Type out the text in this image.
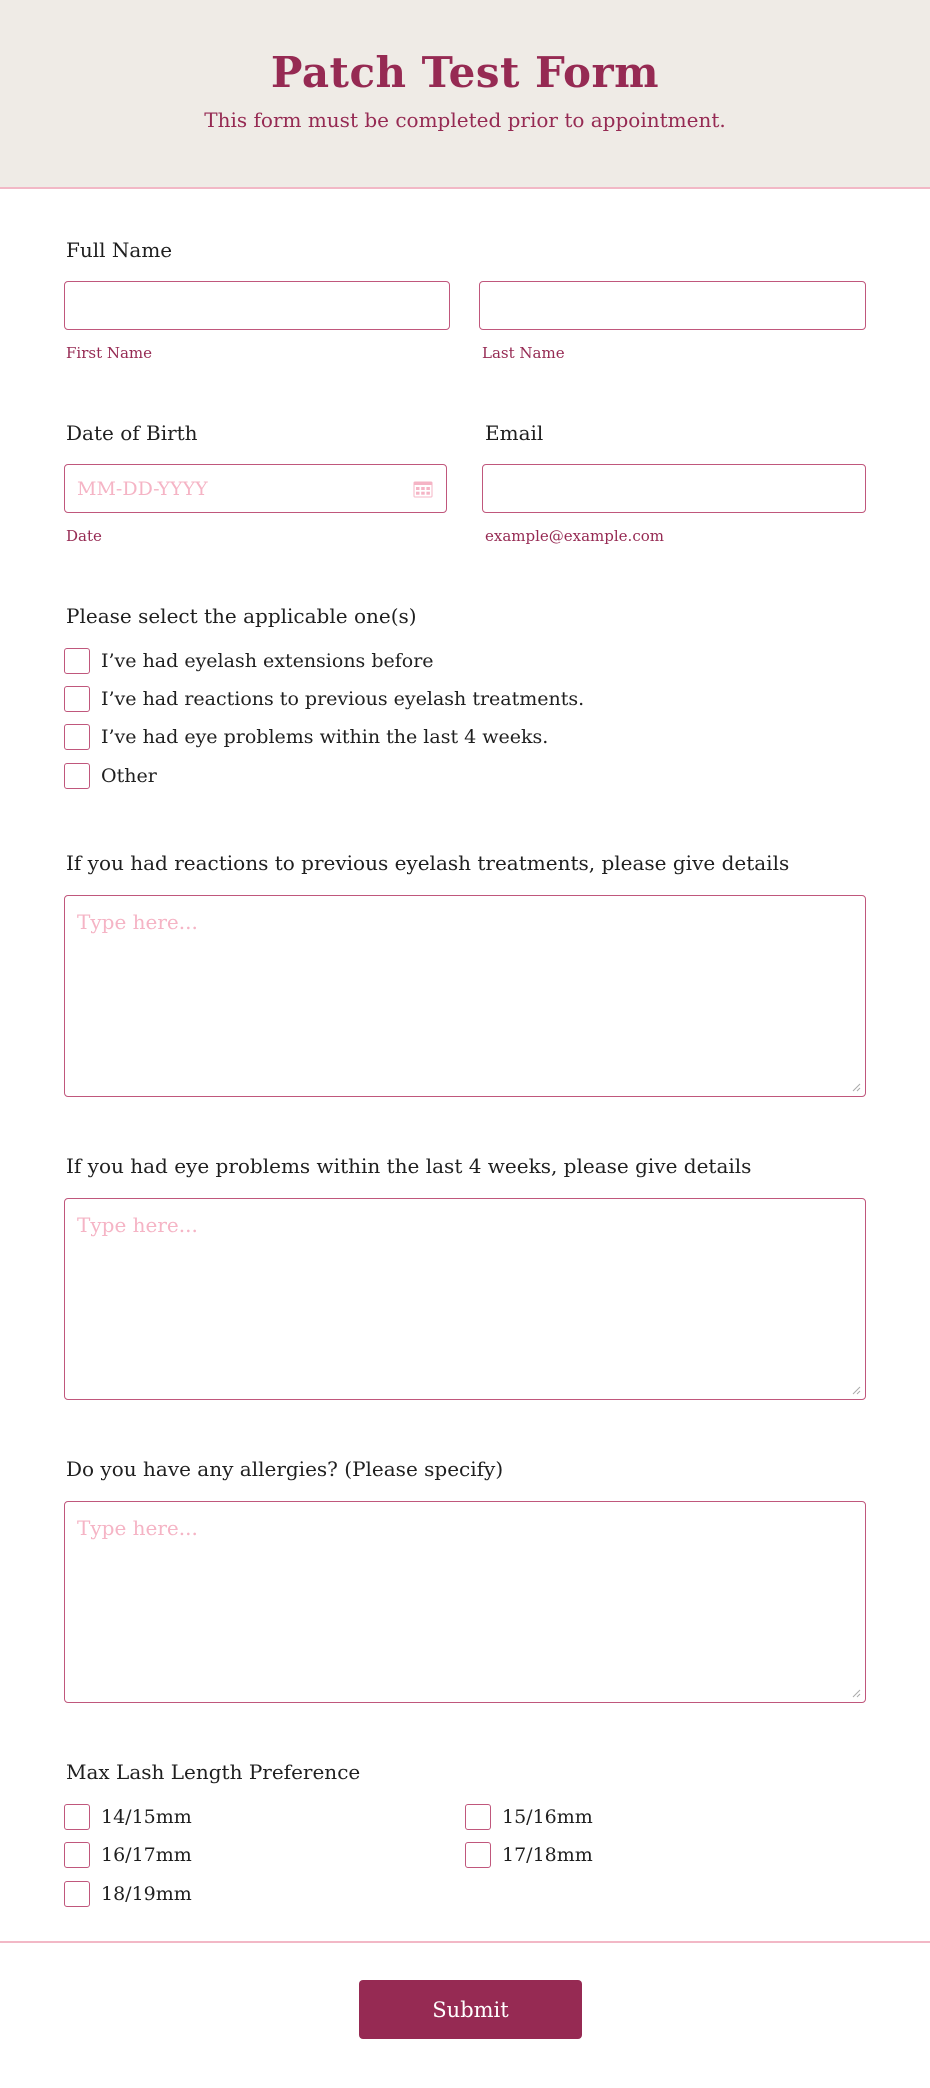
Patch Test Form

This form must be completed prior to appointment.

Full Name
First Name	Last Name
Date of Birth
MM-DD-YYYY
Date
Email
example@example.com
Please select the applicable one(s)
I’ve had eyelash extensions before
I’ve had reactions to previous eyelash treatments.
I’ve had eye problems within the last 4 weeks.
Other
If you had reactions to previous eyelash treatments, please give details
Type here...
If you had eye problems within the last 4 weeks, please give details
Type here...
Do you have any allergies? (Please specify)
Type here...
Max Lash Length Preference
14/15mm	15/16mm
16/17mm	17/18mm
18/19mm
Submit
